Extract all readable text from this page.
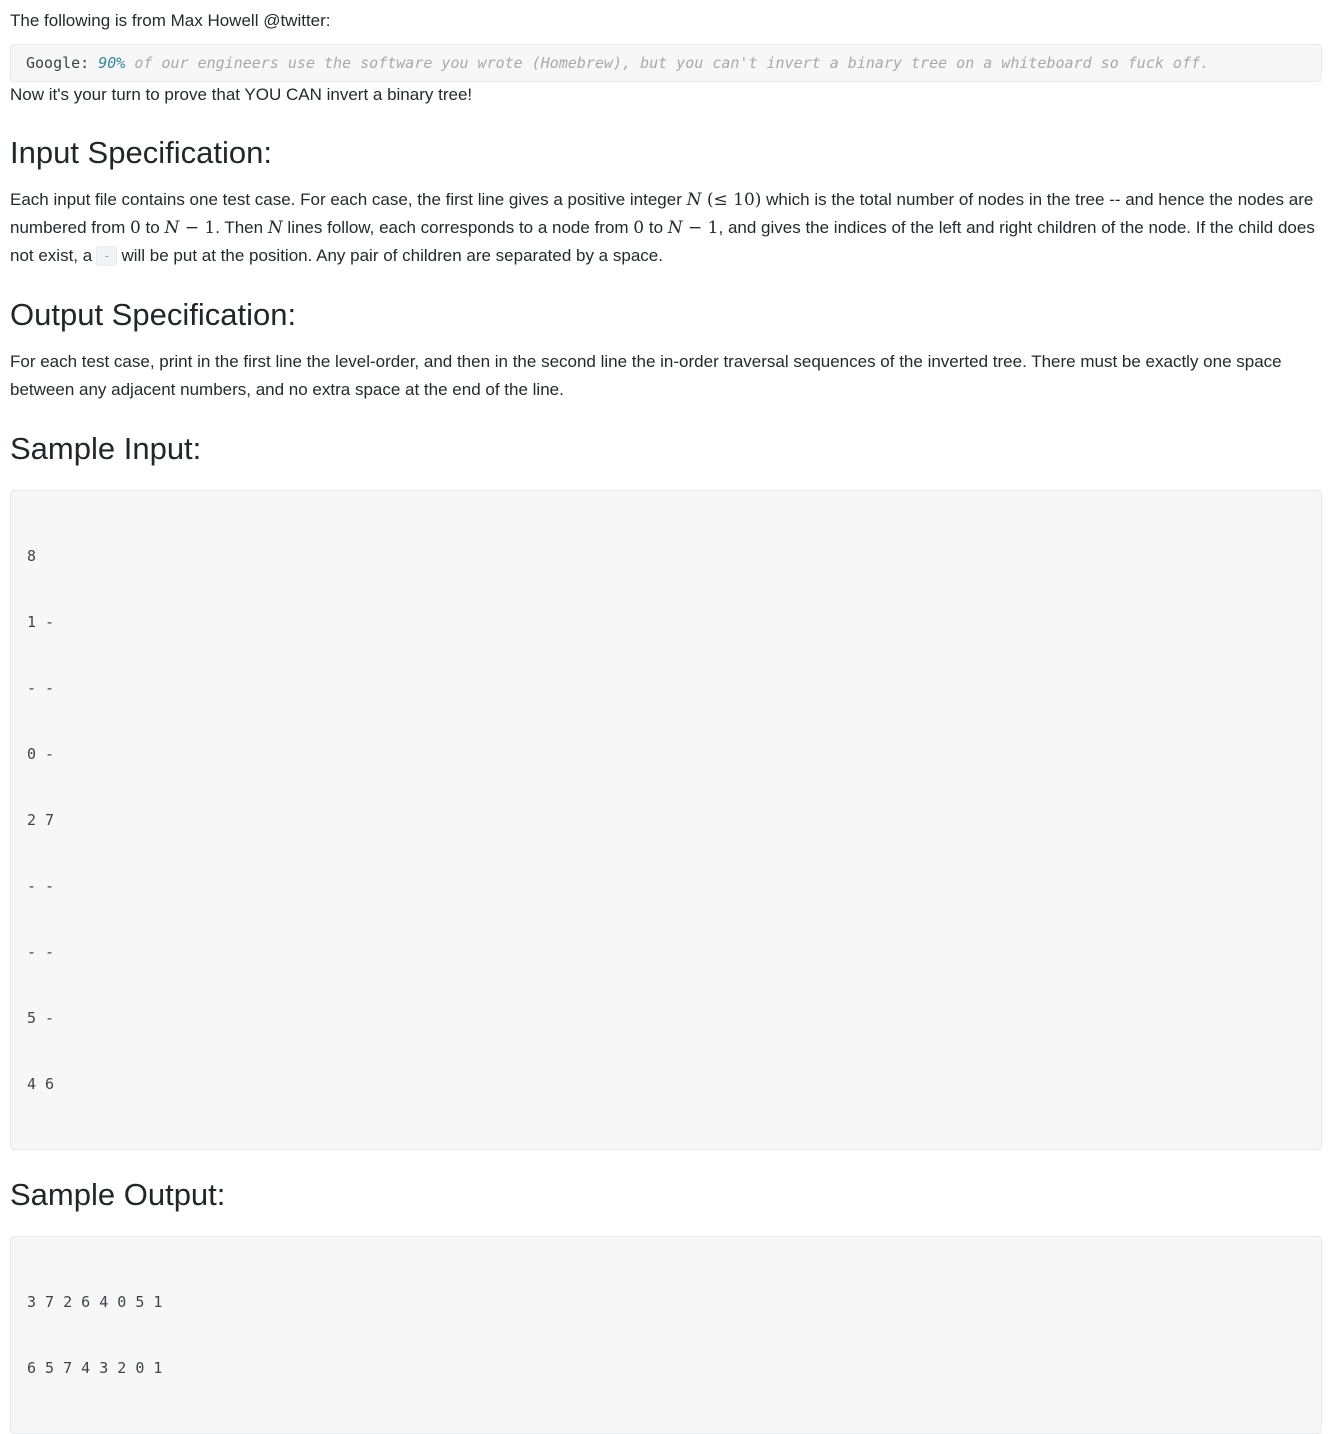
The following is from Max Howell @twitter:

Google: 90% of our engineers use the software you wrote (Homebrew), but you can't invert a binary tree on a whiteboard so fuck off.

Now it's your turn to prove that YOU CAN invert a binary tree!

Input Specification:

Each input file contains one test case. For each case, the first line gives a positive integer N (≤ 10) which is the total number of nodes in the tree -- and hence the nodes are numbered from 0 to N − 1. Then N lines follow, each corresponds to a node from 0 to N − 1, and gives the indices of the left and right children of the node. If the child does not exist, a - will be put at the position. Any pair of children are separated by a space.

Output Specification:

For each test case, print in the first line the level-order, and then in the second line the in-order traversal sequences of the inverted tree. There must be exactly one space between any adjacent numbers, and no extra space at the end of the line.

Sample Input:

8

1 -

- -

0 -

2 7

- -

- -

5 -

4 6

Sample Output:

3 7 2 6 4 0 5 1

6 5 7 4 3 2 0 1
